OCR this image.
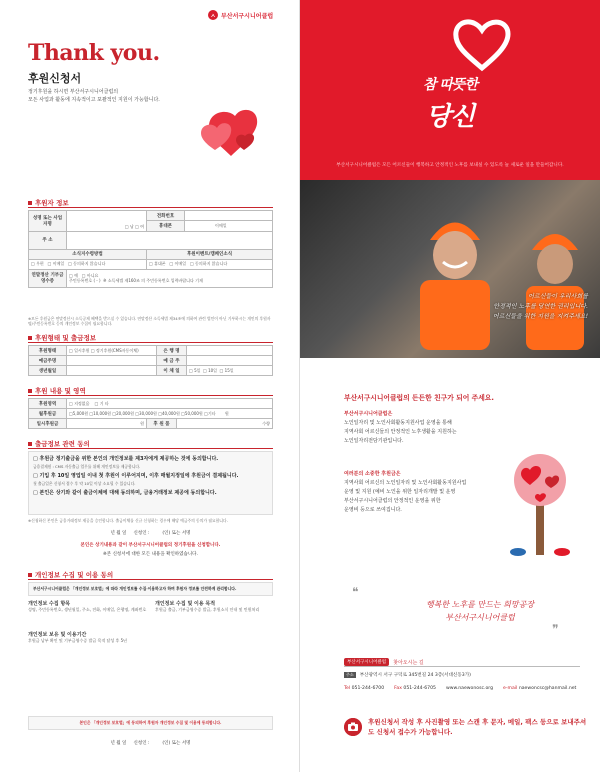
ㅅ 부산서구시니어클럽
Thank you.
후원신청서
정기후원을 하시면 부산서구시니어클럽의
모든 사업과 활동에 지속적이고 포괄적인 지원이 가능합니다.
후원자 정보
성명 또는 사업자명	□ 남 □ 여	전화번호	
		휴대폰	이메일
주 소			
소식지수령방법		후원이벤트/캠페인소식	
□ 우편 □ 이메일 □ 동의하지 않습니다		□ 휴대폰 □ 이메일 □ 동의하지 않습니다	
연말정산 기부금영수증	□ 예 □ 아니요
주민등록번호 ( - ) ※ 소득세법 제160조 의 주민등록번호 입력바랍니다 기재		
※모든 후원금은 연말정산시 소득공제 혜택을 받으실 수 있습니다. 연말정산 소득세법 제34조에 의하여 관련 법인이 아닌 기부하시는 개인의 후원자명/주민등록번호 등의 개인정보 수집이 필요합니다.
후원형태 및 출금정보
후원형태	□ 일시후원 □ 정기후원(CMS자동이체)	은 행 명	
예금주명		예 금 주	
생년월일		이 체 일	□ 5일 □ 10일 □ 15일
후원 내용 및 영역
후원영역	□ 지정없음 □ 기 타		
월후원금	□5,000원 □10,000원 □20,000원 □30,000원 □40,000원 □50,000원 □기타 원		
일시후원금	원	후 원 품	수량
출금정보 관련 동의
□ 후원금 정기출금을 위한 본인의 개인정보를 제3자에게 제공하는 것에 동의합니다.
금융결제원 : CMS 자동출금 업무를 위해 개인정보를 제공합니다.
□ 기입 후 10일 영업일 이내 첫 후원이 이루어지며, 이후 매월지정일에 후원금이 결제됩니다.
첫 출금일은 신청서 접수 후 약 10일 이상 소요될 수 있습니다.
□ 본인은 상기와 같이 출금이체에 대해 동의하며, 금융거래정보 제공에 동의합니다.
※신청하신 본인은 금융거래정보 제공을 승인합니다. 출금이체를 신규 신청하는 경우에 해당 예금주의 동의가 필요합니다.
년 월 일 신청인 :	(인) 또는 서명
본인은 상기내용과 같이 부산서구시니어클럽의 정기후원을 신청합니다.
※본 신청서에 대한 모든 내용을 확인하였습니다.
개인정보 수집 및 이용 동의
부산서구시니어클럽은 「개인정보 보호법」에 따라 개인정보를 수집·이용하고자 하며 후원자 정보를 안전하게 관리합니다.
개인정보 수집 항목
성명, 주민등록번호, 생년월일, 주소, 전화, 이메일, 은행명, 계좌번호
개인정보 보유 및 이용기간
후원금 납부 확인 및 기부금영수증 발급 목적 달성 후 5년
개인정보 수집 및 이용 목적
후원금 출금, 기부금영수증 발급, 후원소식 안내 및 민원처리
본인은 「개인정보 보호법」에 동의하여 후원자 개인정보 수집 및 이용에 동의합니다.
년 월 일 신청인 :	(인) 또는 서명
참 따뜻한
당신
부산서구시니어클럽은 모든 어르신들이 행복하고 안정적인 노후를 보내실 수 있도록 늘 새로운 일을 만들어갑니다.
어르신들이 우리사회를
안정적인 노후를 당연한 권리입니다.
어르신들을 위한 지원을 지켜주세요!
부산서구시니어클럽의 든든한 친구가 되어 주세요.
부산서구시니어클럽은
노인일자리 및 노인사회활동지원사업 운영을 통해
지역사회 어르신들의 안정적인 노후생활을 지원하는
노인일자리전담기관입니다.
여러분의 소중한 후원금은
지역사회 어르신의 노인일자리 및 노인사회활동지원사업
운영 및 지원 (예비 노인을 위한 일자리개발 및 운영
부산서구시니어클럽의 안정적인 운영을 위한
운영비 등으로 쓰여집니다.
❝
행복한 노후를 만드는 희망공장
부산서구시니어클럽
❞
부산서구시니어클럽	찾아오시는 길
주소	부산광역시 서구 구덕로 345번길 24 3층(서대신동3가)
Tel 051-244-6700 Fax 051-244-6705 www.naewonosc.org e-mail naewoncsc@hanmail.net
후원신청서 작성 후 사진촬영 또는 스캔 후 문자, 메일, 팩스 등으로 보내주셔도 신청서 접수가 가능합니다.
